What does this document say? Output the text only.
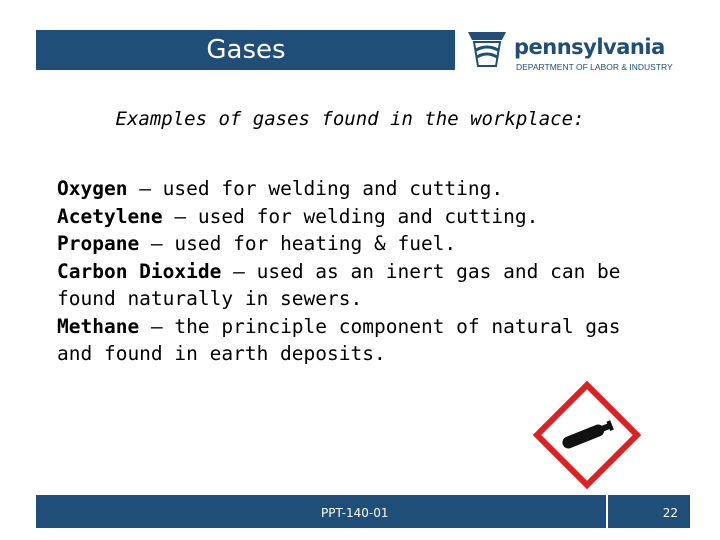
Gases	pennsylvania
DEPARTMENT OF LABOR & INDUSTRY
Examples of gases found in the workplace:

Oxygen – used for welding and cutting.

Acetylene – used for welding and cutting.

Propane – used for heating & fuel.

Carbon Dioxide – used as an inert gas and can be found naturally in sewers.

Methane – the principle component of natural gas and found in earth deposits.

PPT-140-01	22
